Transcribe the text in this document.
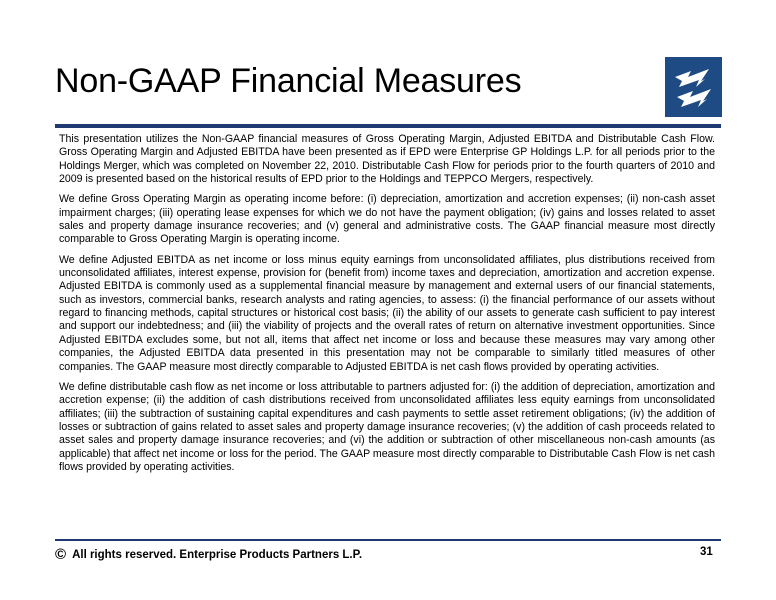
Non-GAAP Financial Measures

This presentation utilizes the Non-GAAP financial measures of Gross Operating Margin, Adjusted EBITDA and Distributable Cash Flow. Gross Operating Margin and Adjusted EBITDA have been presented as if EPD were Enterprise GP Holdings L.P. for all periods prior to the Holdings Merger, which was completed on November 22, 2010. Distributable Cash Flow for periods prior to the fourth quarters of 2010 and 2009 is presented based on the historical results of EPD prior to the Holdings and TEPPCO Mergers, respectively.

We define Gross Operating Margin as operating income before: (i) depreciation, amortization and accretion expenses; (ii) non-cash asset impairment charges; (iii) operating lease expenses for which we do not have the payment obligation; (iv) gains and losses related to asset sales and property damage insurance recoveries; and (v) general and administrative costs. The GAAP financial measure most directly comparable to Gross Operating Margin is operating income.

We define Adjusted EBITDA as net income or loss minus equity earnings from unconsolidated affiliates, plus distributions received from unconsolidated affiliates, interest expense, provision for (benefit from) income taxes and depreciation, amortization and accretion expense. Adjusted EBITDA is commonly used as a supplemental financial measure by management and external users of our financial statements, such as investors, commercial banks, research analysts and rating agencies, to assess: (i) the financial performance of our assets without regard to financing methods, capital structures or historical cost basis; (ii) the ability of our assets to generate cash sufficient to pay interest and support our indebtedness; and (iii) the viability of projects and the overall rates of return on alternative investment opportunities. Since Adjusted EBITDA excludes some, but not all, items that affect net income or loss and because these measures may vary among other companies, the Adjusted EBITDA data presented in this presentation may not be comparable to similarly titled measures of other companies. The GAAP measure most directly comparable to Adjusted EBITDA is net cash flows provided by operating activities.

We define distributable cash flow as net income or loss attributable to partners adjusted for: (i) the addition of depreciation, amortization and accretion expense; (ii) the addition of cash distributions received from unconsolidated affiliates less equity earnings from unconsolidated affiliates; (iii) the subtraction of sustaining capital expenditures and cash payments to settle asset retirement obligations; (iv) the addition of losses or subtraction of gains related to asset sales and property damage insurance recoveries; (v) the addition of cash proceeds related to asset sales and property damage insurance recoveries; and (vi) the addition or subtraction of other miscellaneous non-cash amounts (as applicable) that affect net income or loss for the period. The GAAP measure most directly comparable to Distributable Cash Flow is net cash flows provided by operating activities.

© All rights reserved. Enterprise Products Partners L.P.	31
